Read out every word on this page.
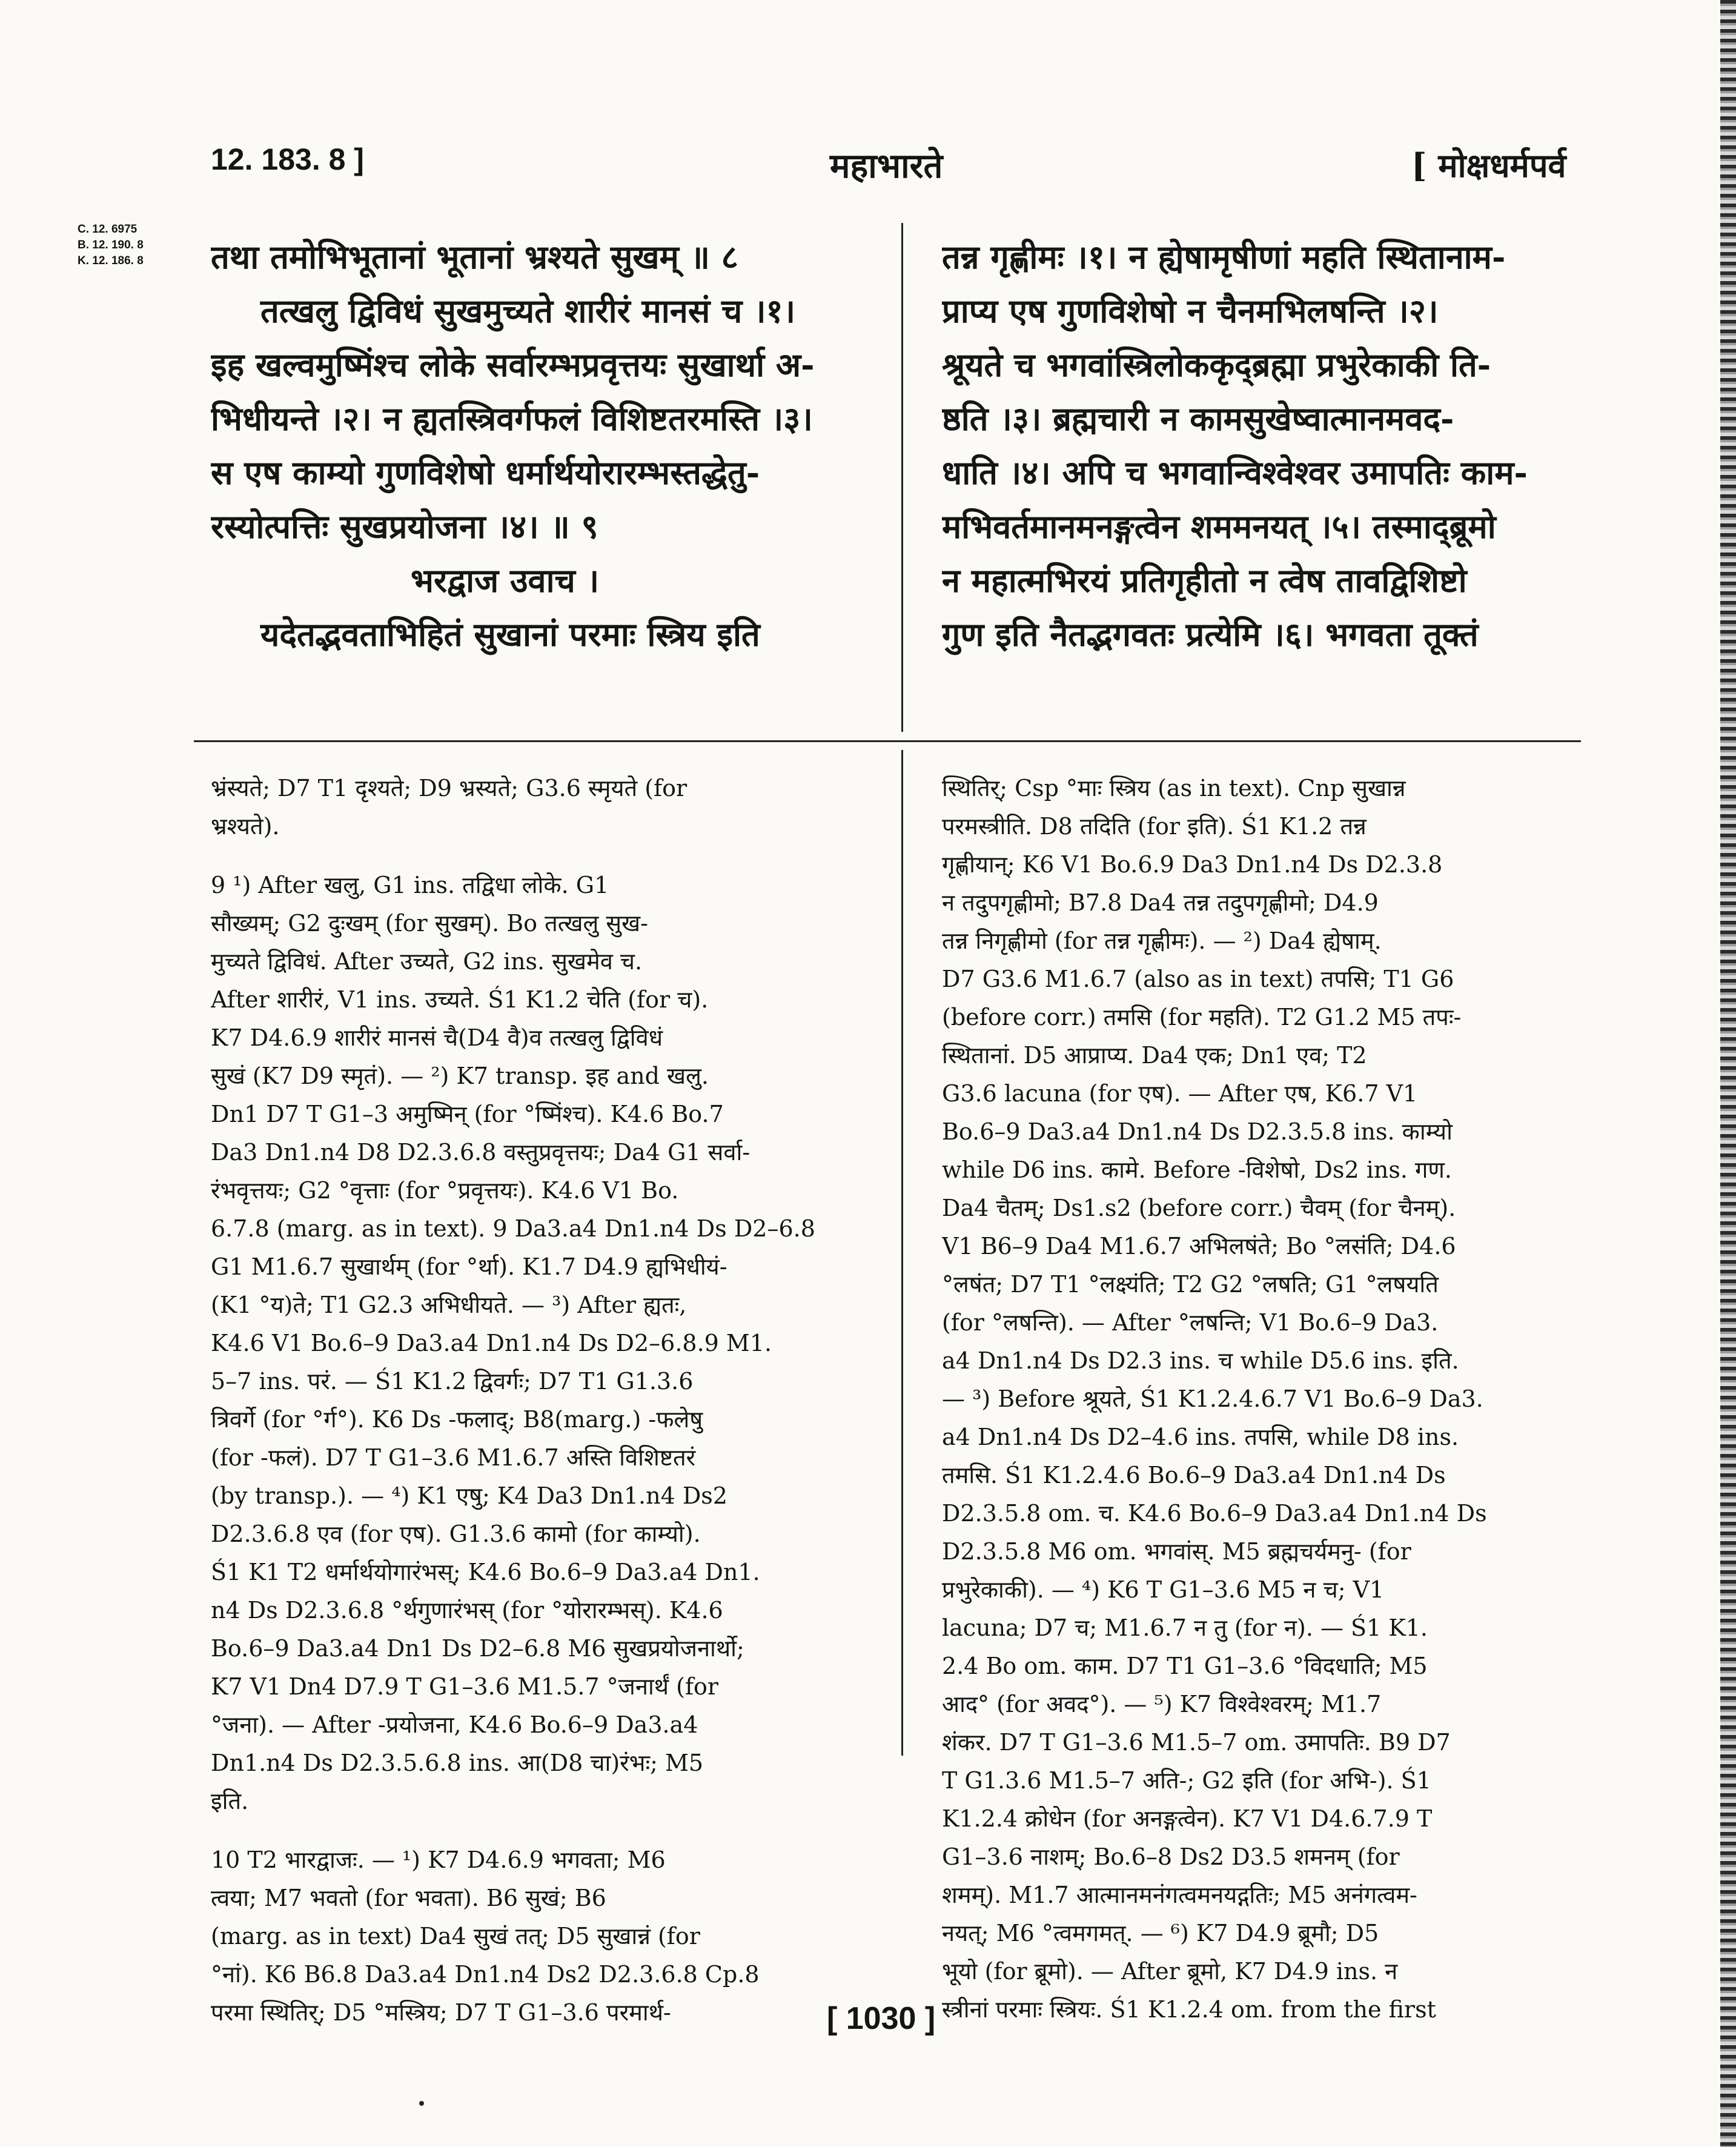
12. 183. 8 ]	महाभारते	[ मोक्षधर्मपर्व
C. 12. 6975
B. 12. 190. 8
K. 12. 186. 8 तथा तमोभिभूतानां भूतानां भ्रश्यते सुखम् ॥ ८
तत्खलु द्विविधं सुखमुच्यते शारीरं मानसं च ।१।
इह खल्वमुष्मिंश्च लोके सर्वारम्भप्रवृत्तयः सुखार्था अ-
भिधीयन्ते ।२। न ह्यतस्त्रिवर्गफलं विशिष्टतरमस्ति ।३।
स एष काम्यो गुणविशेषो धर्मार्थयोरारम्भस्तद्धेतु-
रस्योत्पत्तिः सुखप्रयोजना ।४। ॥ ९
भरद्वाज उवाच ।
यदेतद्भवताभिहितं सुखानां परमाः स्त्रिय इति
तन्न गृह्णीमः ।१। न ह्येषामृषीणां महति स्थितानाम-
प्राप्य एष गुणविशेषो न चैनमभिलषन्ति ।२।
श्रूयते च भगवांस्त्रिलोककृद्ब्रह्मा प्रभुरेकाकी ति-
ष्ठति ।३। ब्रह्मचारी न कामसुखेष्वात्मानमवद-
धाति ।४। अपि च भगवान्विश्वेश्वर उमापतिः काम-
मभिवर्तमानमनङ्गत्वेन शममनयत् ।५। तस्माद्ब्रूमो
न महात्मभिरयं प्रतिगृहीतो न त्वेष तावद्विशिष्टो
गुण इति नैतद्भगवतः प्रत्येमि ।६। भगवता तूक्तं
भ्रंस्यते; D7 T1 दृश्यते; D9 भ्रस्यते; G3.6 स्मृयते (for
भ्रश्यते).
9 ¹) After खलु, G1 ins. तद्विधा लोके. G1
सौख्यम्; G2 दुःखम् (for सुखम्). Bo तत्खलु सुख-
मुच्यते द्विविधं. After उच्यते, G2 ins. सुखमेव च.
After शारीरं, V1 ins. उच्यते. Ś1 K1.2 चेति (for च).
K7 D4.6.9 शारीरं मानसं चै(D4 वै)व तत्खलु द्विविधं
सुखं (K7 D9 स्मृतं). — ²) K7 transp. इह and खलु.
Dn1 D7 T G1–3 अमुष्मिन् (for °ष्मिंश्च). K4.6 Bo.7
Da3 Dn1.n4 D8 D2.3.6.8 वस्तुप्रवृत्तयः; Da4 G1 सर्वा-
रंभवृत्तयः; G2 °वृत्ताः (for °प्रवृत्तयः). K4.6 V1 Bo.
6.7.8 (marg. as in text). 9 Da3.a4 Dn1.n4 Ds D2–6.8
G1 M1.6.7 सुखार्थम् (for °र्था). K1.7 D4.9 ह्यभिधीयं-
(K1 °य)ते; T1 G2.3 अभिधीयते. — ³) After ह्यतः,
K4.6 V1 Bo.6–9 Da3.a4 Dn1.n4 Ds D2–6.8.9 M1.
5–7 ins. परं. — Ś1 K1.2 द्विवर्गः; D7 T1 G1.3.6
त्रिवर्गे (for °र्ग°). K6 Ds -फलाद्; B8(marg.) -फलेषु
(for -फलं). D7 T G1–3.6 M1.6.7 अस्ति विशिष्टतरं
(by transp.). — ⁴) K1 एषु; K4 Da3 Dn1.n4 Ds2
D2.3.6.8 एव (for एष). G1.3.6 कामो (for काम्यो).
Ś1 K1 T2 धर्मार्थयोगारंभस्; K4.6 Bo.6–9 Da3.a4 Dn1.
n4 Ds D2.3.6.8 °र्थगुणारंभस् (for °योरारम्भस्). K4.6
Bo.6–9 Da3.a4 Dn1 Ds D2–6.8 M6 सुखप्रयोजनार्थो;
K7 V1 Dn4 D7.9 T G1–3.6 M1.5.7 °जनार्थं (for
°जना). — After -प्रयोजना, K4.6 Bo.6–9 Da3.a4
Dn1.n4 Ds D2.3.5.6.8 ins. आ(D8 चा)रंभः; M5
इति.
10 T2 भारद्वाजः. — ¹) K7 D4.6.9 भगवता; M6
त्वया; M7 भवतो (for भवता). B6 सुखं; B6
(marg. as in text) Da4 सुखं तत्; D5 सुखान्नं (for
°नां). K6 B6.8 Da3.a4 Dn1.n4 Ds2 D2.3.6.8 Cp.8
परमा स्थितिर्; D5 °मस्त्रिय; D7 T G1–3.6 परमार्थ-
स्थितिर्; Csp °माः स्त्रिय (as in text). Cnp सुखान्न
परमस्त्रीति. D8 तदिति (for इति). Ś1 K1.2 तन्न
गृह्णीयान्; K6 V1 Bo.6.9 Da3 Dn1.n4 Ds D2.3.8
न तदुपगृह्णीमो; B7.8 Da4 तन्न तदुपगृह्णीमो; D4.9
तन्न निगृह्णीमो (for तन्न गृह्णीमः). — ²) Da4 ह्येषाम्.
D7 G3.6 M1.6.7 (also as in text) तपसि; T1 G6
(before corr.) तमसि (for महति). T2 G1.2 M5 तपः-
स्थितानां. D5 आप्राप्य. Da4 एक; Dn1 एव; T2
G3.6 lacuna (for एष). — After एष, K6.7 V1
Bo.6–9 Da3.a4 Dn1.n4 Ds D2.3.5.8 ins. काम्यो
while D6 ins. कामे. Before -विशेषो, Ds2 ins. गण.
Da4 चैतम्; Ds1.s2 (before corr.) चैवम् (for चैनम्).
V1 B6–9 Da4 M1.6.7 अभिलषंते; Bo °लसंति; D4.6
°लषंत; D7 T1 °लक्ष्यंति; T2 G2 °लषति; G1 °लषयति
(for °लषन्ति). — After °लषन्ति; V1 Bo.6–9 Da3.
a4 Dn1.n4 Ds D2.3 ins. च while D5.6 ins. इति.
— ³) Before श्रूयते, Ś1 K1.2.4.6.7 V1 Bo.6–9 Da3.
a4 Dn1.n4 Ds D2–4.6 ins. तपसि, while D8 ins.
तमसि. Ś1 K1.2.4.6 Bo.6–9 Da3.a4 Dn1.n4 Ds
D2.3.5.8 om. च. K4.6 Bo.6–9 Da3.a4 Dn1.n4 Ds
D2.3.5.8 M6 om. भगवांस्. M5 ब्रह्मचर्यमनु- (for
प्रभुरेकाकी). — ⁴) K6 T G1–3.6 M5 न च; V1
lacuna; D7 च; M1.6.7 न तु (for न). — Ś1 K1.
2.4 Bo om. काम. D7 T1 G1–3.6 °विदधाति; M5
आद° (for अवद°). — ⁵) K7 विश्वेश्वरम्; M1.7
शंकर. D7 T G1–3.6 M1.5–7 om. उमापतिः. B9 D7
T G1.3.6 M1.5–7 अति-; G2 इति (for अभि-). Ś1
K1.2.4 क्रोधेन (for अनङ्गत्वेन). K7 V1 D4.6.7.9 T
G1–3.6 नाशम्; Bo.6–8 Ds2 D3.5 शमनम् (for
शमम्). M1.7 आत्मानमनंगत्वमनयद्गतिः; M5 अनंगत्वम-
नयत्; M6 °त्वमगमत्. — ⁶) K7 D4.9 ब्रूमौ; D5
भूयो (for ब्रूमो). — After ब्रूमो, K7 D4.9 ins. न
स्त्रीनां परमाः स्त्रियः. Ś1 K1.2.4 om. from the first
[ 1030 ]
